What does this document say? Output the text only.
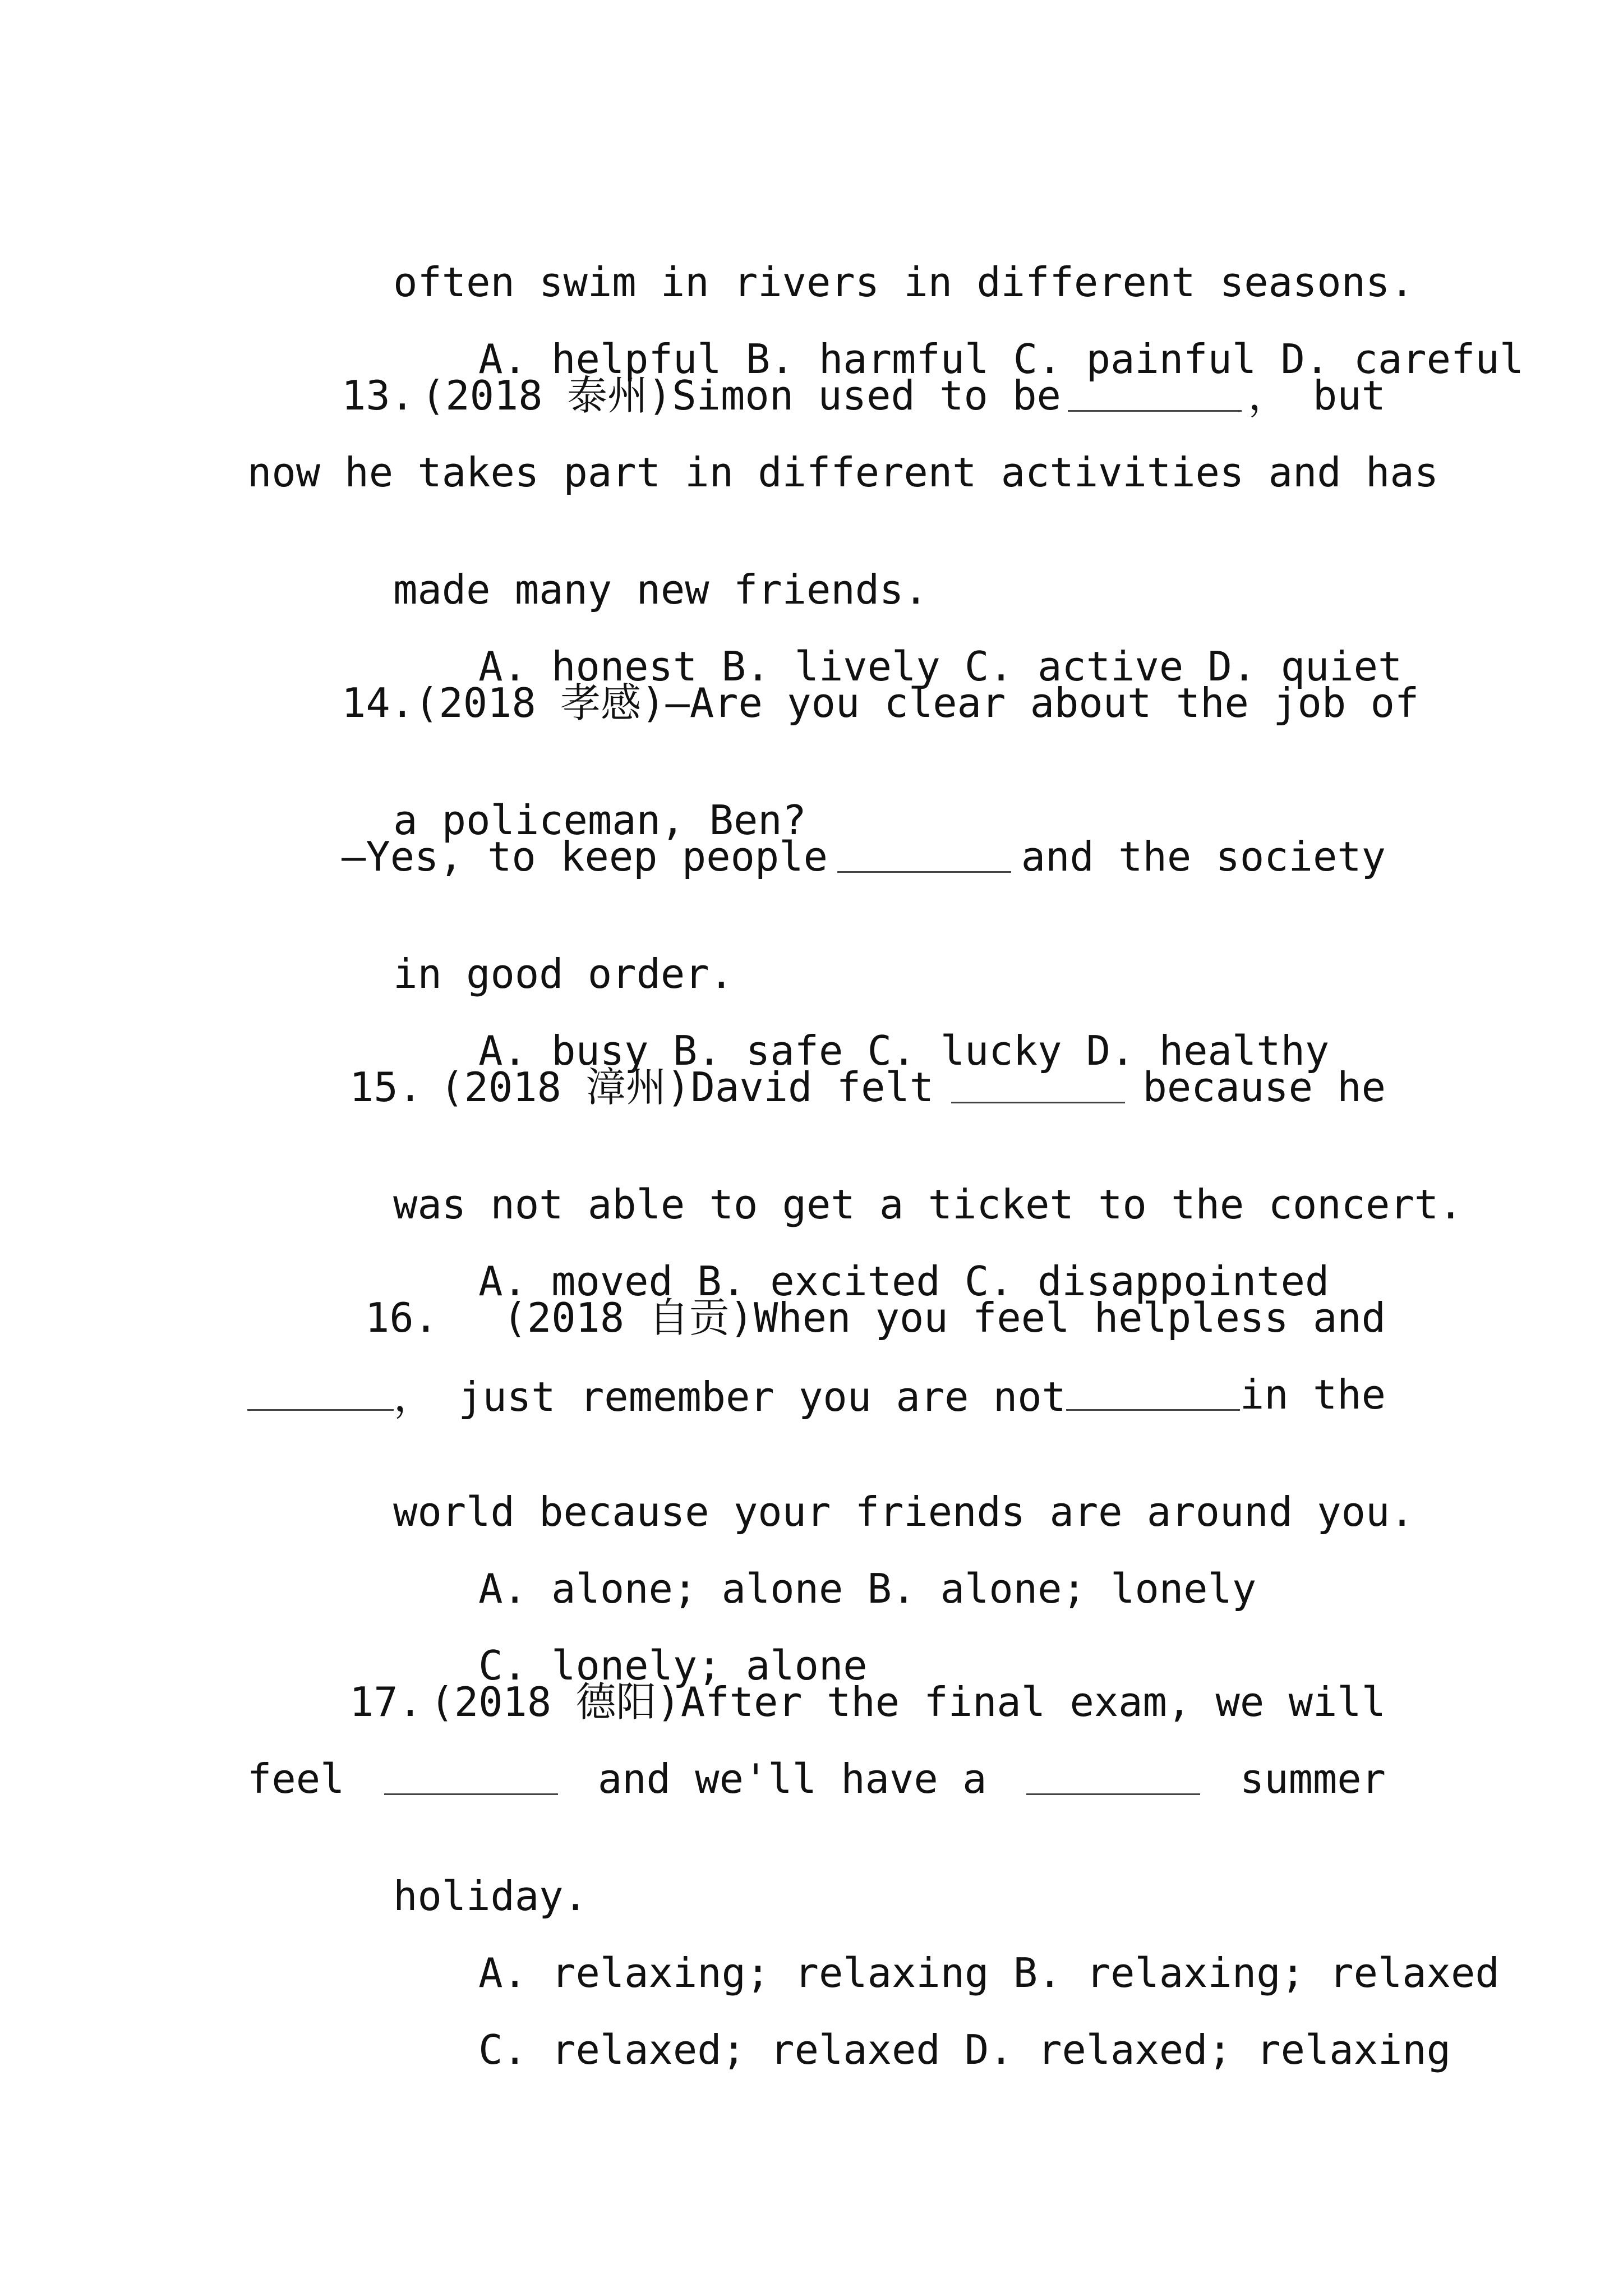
often swim in rivers in different seasons.

A. helpful B. harmful C. painful D. careful

13. (2018 泰州)Simon used to be	， but

now he takes part in different activities and has

made many new friends.

A. honest B. lively C. active D. quiet

14. (2018 孝感)—Are you clear about the job of

a policeman, Ben?

—Yes, to keep people	and the society

in good order.

A. busy B. safe C. lucky D. healthy

15. (2018 漳州)David felt	because he

was not able to get a ticket to the concert.

A. moved B. excited C. disappointed

16. (2018 自贡)When you feel helpless and

， just remember you are not	in the

world because your friends are around you.

A. alone; alone B. alone; lonely

C. lonely; alone

17. (2018 德阳)After the final exam, we will

feel	and we'll have a	summer

holiday.

A. relaxing; relaxing B. relaxing; relaxed

C. relaxed; relaxed D. relaxed; relaxing
